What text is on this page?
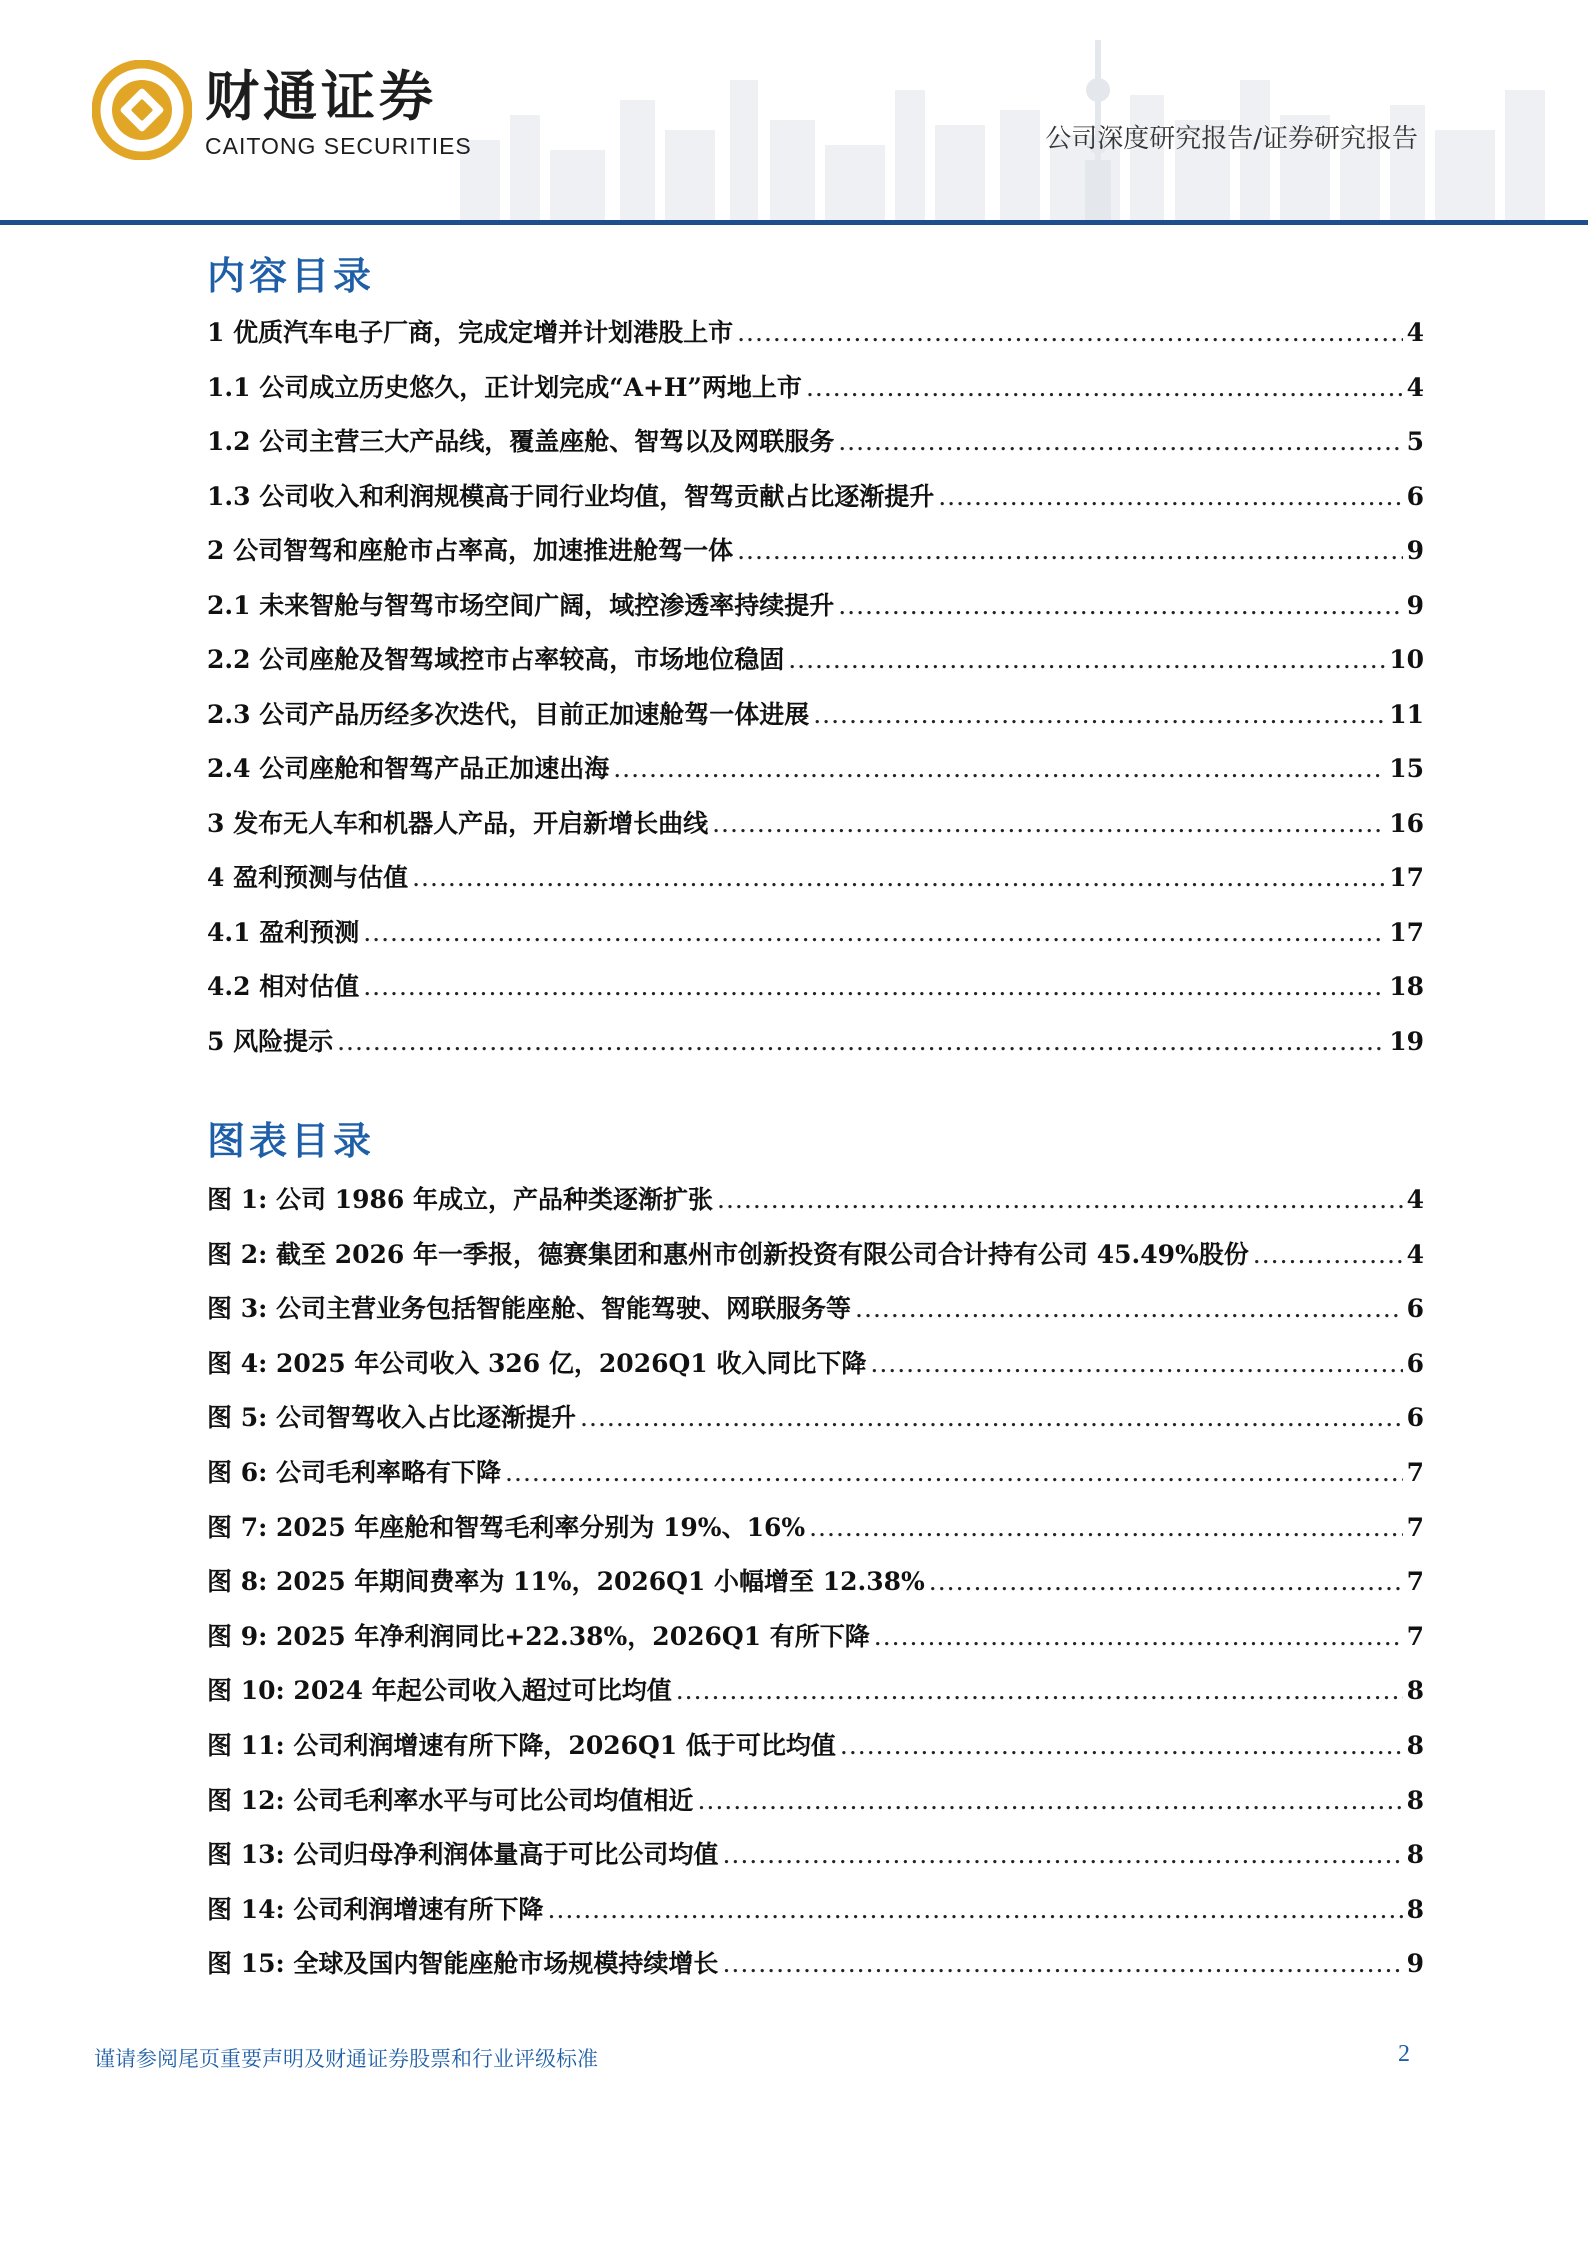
财通证券
CAITONG SECURITIES	公司深度研究报告/证券研究报告
内容目录
1 优质汽车电子厂商，完成定增并计划港股上市 .....	4
1.1 公司成立历史悠久，正计划完成“A+H”两地上市 .....	4
1.2 公司主营三大产品线，覆盖座舱、智驾以及网联服务 .....	5
1.3 公司收入和利润规模高于同行业均值，智驾贡献占比逐渐提升 .....	6
2 公司智驾和座舱市占率高，加速推进舱驾一体 .....	9
2.1 未来智舱与智驾市场空间广阔，域控渗透率持续提升 .....	9
2.2 公司座舱及智驾域控市占率较高，市场地位稳固 .....	10
2.3 公司产品历经多次迭代，目前正加速舱驾一体进展 .....	11
2.4 公司座舱和智驾产品正加速出海 .....	15
3 发布无人车和机器人产品，开启新增长曲线 .....	16
4 盈利预测与估值 .....	17
4.1 盈利预测 .....	17
4.2 相对估值 .....	18
5 风险提示 .....	19
图表目录
图 1: 公司 1986 年成立，产品种类逐渐扩张 .....	4
图 2: 截至 2026 年一季报，德赛集团和惠州市创新投资有限公司合计持有公司 45.49%股份 .....	4
图 3: 公司主营业务包括智能座舱、智能驾驶、网联服务等 .....	6
图 4: 2025 年公司收入 326 亿，2026Q1 收入同比下降 .....	6
图 5: 公司智驾收入占比逐渐提升 .....	6
图 6: 公司毛利率略有下降 .....	7
图 7: 2025 年座舱和智驾毛利率分别为 19%、16% .....	7
图 8: 2025 年期间费率为 11%，2026Q1 小幅增至 12.38% .....	7
图 9: 2025 年净利润同比+22.38%，2026Q1 有所下降 .....	7
图 10: 2024 年起公司收入超过可比均值 .....	8
图 11: 公司利润增速有所下降，2026Q1 低于可比均值 .....	8
图 12: 公司毛利率水平与可比公司均值相近 .....	8
图 13: 公司归母净利润体量高于可比公司均值 .....	8
图 14: 公司利润增速有所下降 .....	8
图 15: 全球及国内智能座舱市场规模持续增长 .....	9
谨请参阅尾页重要声明及财通证券股票和行业评级标准	2
